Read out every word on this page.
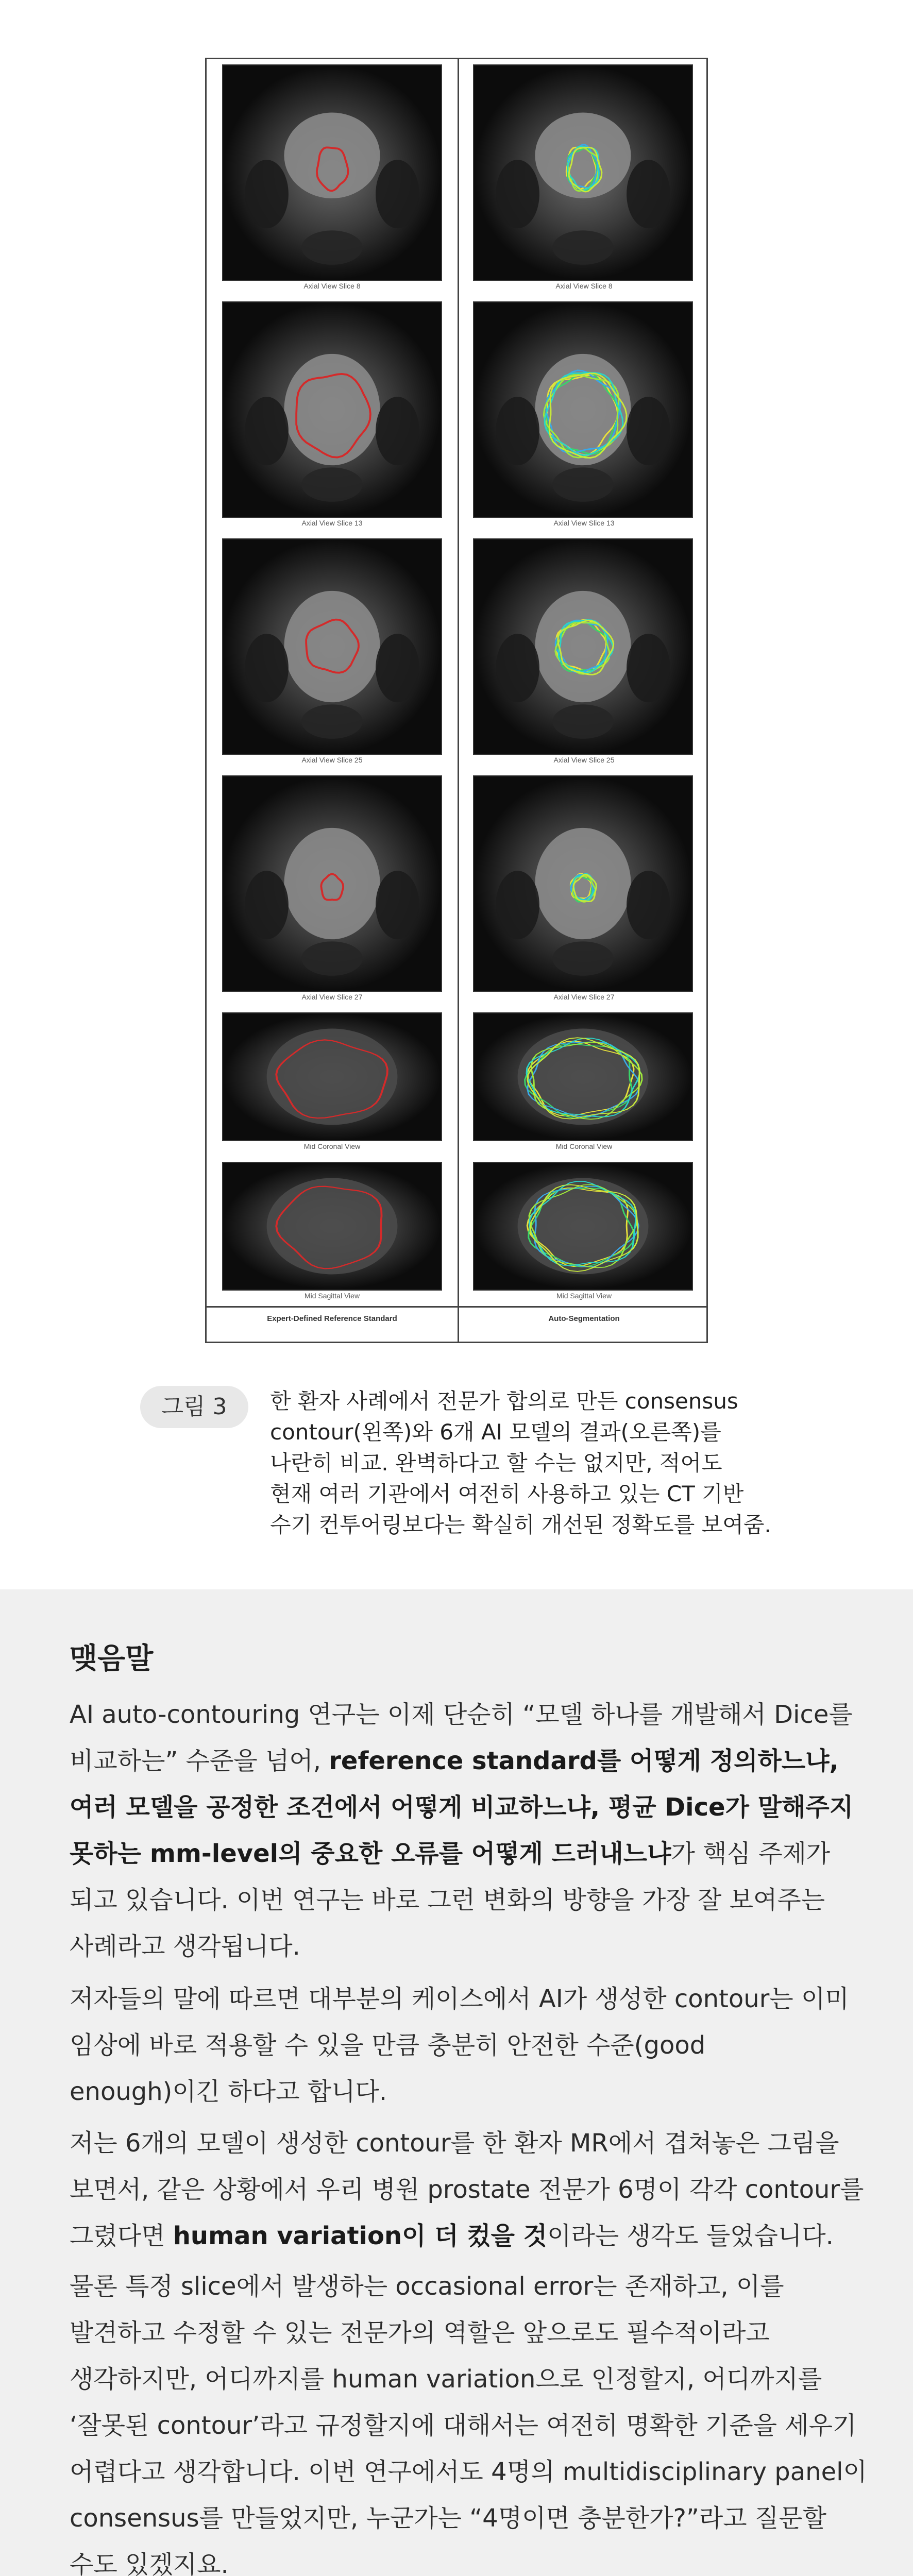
Expert-Defined Reference Standard	Auto-Segmentation
Axial View Slice 8	Axial View Slice 8
Axial View Slice 13	Axial View Slice 13
Axial View Slice 25	Axial View Slice 25
Axial View Slice 27	Axial View Slice 27
Mid Coronal View	Mid Coronal View
Mid Sagittal View	Mid Sagittal View
그림 3	한 환자 사례에서 전문가 합의로 만든 consensus
contour(왼쪽)와 6개 AI 모델의 결과(오른쪽)를
나란히 비교. 완벽하다고 할 수는 없지만, 적어도
현재 여러 기관에서 여전히 사용하고 있는 CT 기반
수기 컨투어링보다는 확실히 개선된 정확도를 보여줌.
맺음말
AI auto-contouring 연구는 이제 단순히 “모델 하나를 개발해서 Dice를
비교하는” 수준을 넘어, reference standard를 어떻게 정의하느냐,
여러 모델을 공정한 조건에서 어떻게 비교하느냐, 평균 Dice가 말해주지
못하는 mm-level의 중요한 오류를 어떻게 드러내느냐 가 핵심 주제가
되고 있습니다. 이번 연구는 바로 그런 변화의 방향을 가장 잘 보여주는
사례라고 생각됩니다.
저자들의 말에 따르면 대부분의 케이스에서 AI가 생성한 contour는 이미
임상에 바로 적용할 수 있을 만큼 충분히 안전한 수준(good
enough)이긴 하다고 합니다.
저는 6개의 모델이 생성한 contour를 한 환자 MR에서 겹쳐놓은 그림을
보면서, 같은 상황에서 우리 병원 prostate 전문가 6명이 각각 contour를
그렸다면 human variation이 더 컸을 것 이라는 생각도 들었습니다.
물론 특정 slice에서 발생하는 occasional error는 존재하고, 이를
발견하고 수정할 수 있는 전문가의 역할은 앞으로도 필수적이라고
생각하지만, 어디까지를 human variation으로 인정할지, 어디까지를
‘잘못된 contour’라고 규정할지에 대해서는 여전히 명확한 기준을 세우기
어렵다고 생각합니다. 이번 연구에서도 4명의 multidisciplinary panel이
consensus를 만들었지만, 누군가는 “4명이면 충분한가?”라고 질문할
수도 있겠지요.
